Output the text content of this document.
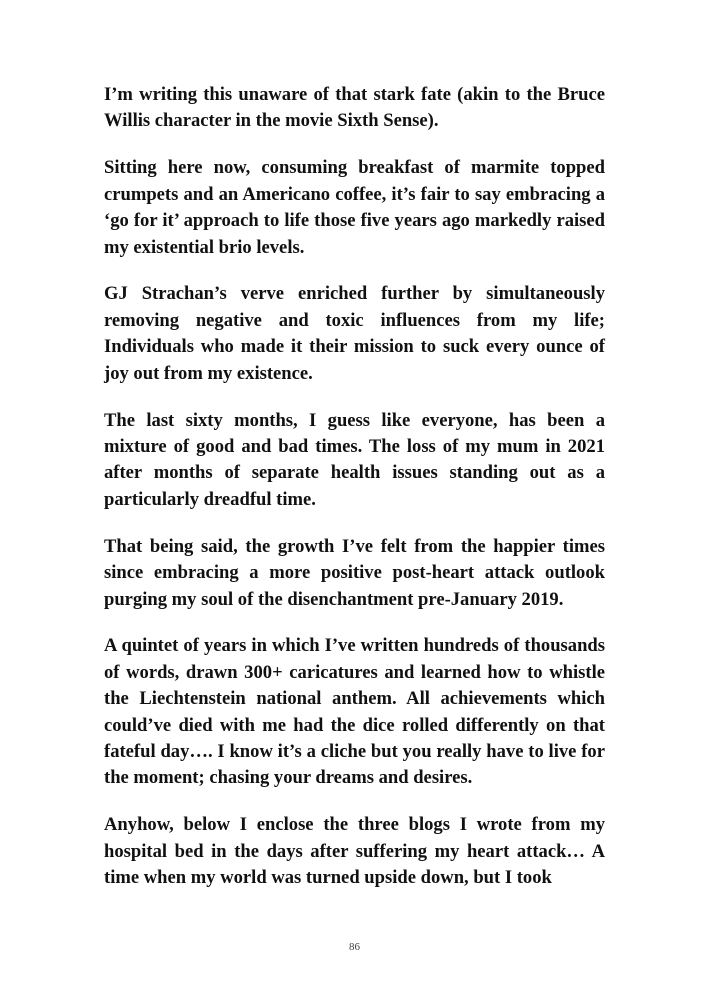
I’m writing this unaware of that stark fate (akin to the Bruce Willis character in the movie Sixth Sense).

Sitting here now, consuming breakfast of marmite topped crumpets and an Americano coffee, it’s fair to say embracing a ‘go for it’ approach to life those five years ago markedly raised my existential brio levels.

GJ Strachan’s verve enriched further by simultaneously removing negative and toxic influences from my life; Individuals who made it their mission to suck every ounce of joy out from my existence.

The last sixty months, I guess like everyone, has been a mixture of good and bad times. The loss of my mum in 2021 after months of separate health issues standing out as a particularly dreadful time.

That being said, the growth I’ve felt from the happier times since embracing a more positive post-heart attack outlook purging my soul of the disenchantment pre-January 2019.

A quintet of years in which I’ve written hundreds of thousands of words, drawn 300+ caricatures and learned how to whistle the Liechtenstein national anthem. All achievements which could’ve died with me had the dice rolled differently on that fateful day…. I know it’s a cliche but you really have to live for the moment; chasing your dreams and desires.

Anyhow, below I enclose the three blogs I wrote from my hospital bed in the days after suffering my heart attack… A time when my world was turned upside down, but I took

86
